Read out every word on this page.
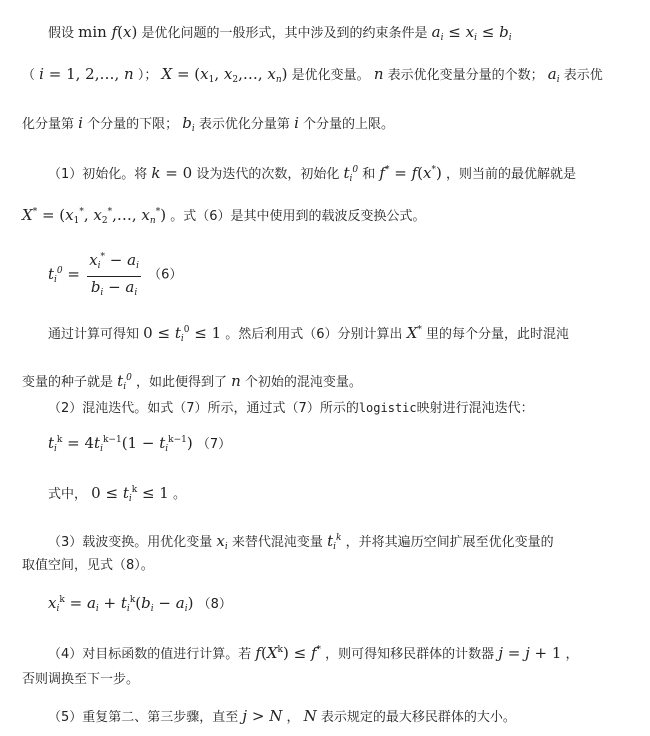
假设 min f(x) 是优化问题的一般形式，其中涉及到的约束条件是 $a_i \le x_i \le b_i$
（ i = 1, 2,…, n ）； $X = (x_1$, $x_2,\dots$, $x_n$) 是优化变量。 n 表示优化变量分量的个数； $a_i$ 表示优
化分量第 i 个分量的下限； $b_i$ 表示优化分量第 i 个分量的上限。
（1）初始化。将 k = 0 设为迭代的次数，初始化 $t_i^0$ 和 f* = f(x*) ，则当前的最优解就是
$X^* = (x_1^*$, $x_2^*,\dots$, $x_n^*$) 。式（6）是其中使用到的载波反变换公式。
$t_i^0 = \frac{x_i^* - a_i}{b_i - a_i} (6)$
通过计算可得知 $0 \le t_i^0 \le 1$ 。然后利用式（6）分别计算出 X* 里的每个分量，此时混沌
变量的种子就是 $t_i^0$ ，如此便得到了 n 个初始的混沌变量。
（2）混沌迭代。如式（7）所示，通过式（7）所示的logistic映射进行混沌迭代：
$t_i^k = 4t_i^{k-1}(1 - t_i^{k-1})$ （7）
式中， $0 \le t_i^k \le 1$ 。
（3）载波变换。用优化变量 $x_i$ 来替代混沌变量 $t_i^k$ ，并将其遍历空间扩展至优化变量的
取值空间，见式（8）。
$x_i^k = a_i + t_i^k(b_i - a_i)$ （8）
（4）对目标函数的值进行计算。若 $f(X^k) \le f^*$ ，则可得知移民群体的计数器 j = j + 1 ，
否则调换至下一步。
（5）重复第二、第三步骤，直至 j > N ， N 表示规定的最大移民群体的大小。
